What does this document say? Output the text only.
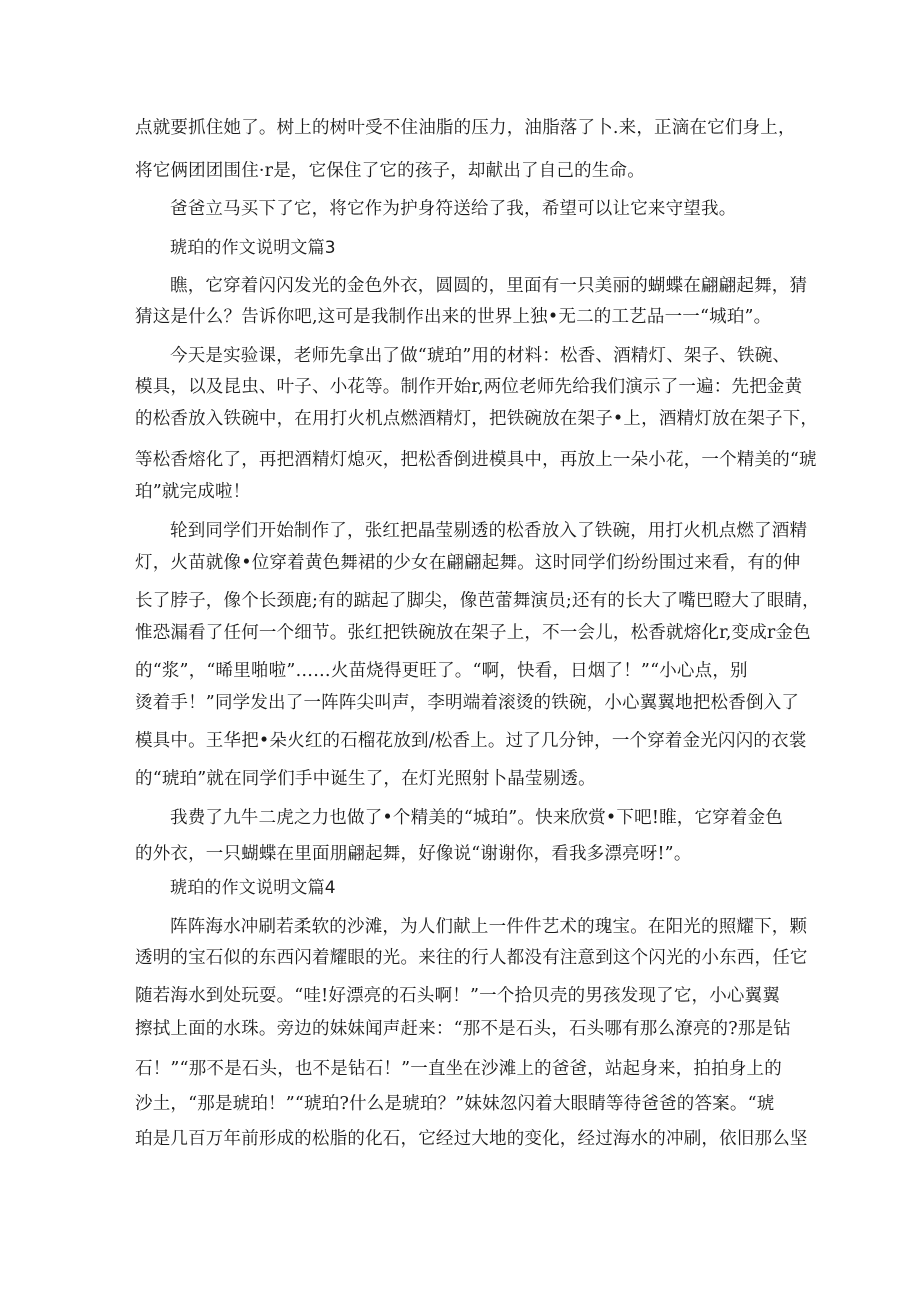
点就要抓住她了。树上的树叶受不住油脂的压力，油脂落了卜.来，正滴在它们身上，
将它俩团团围住·r是，它保住了它的孩子，却献出了自己的生命。
爸爸立马买下了它，将它作为护身符送给了我，希望可以让它来守望我。
琥珀的作文说明文篇3
瞧，它穿着闪闪发光的金色外衣，圆圆的，里面有一只美丽的蝴蝶在翩翩起舞，猜
猜这是什么？告诉你吧,这可是我制作出来的世界上独•无二的工艺品一一“城珀”。
今天是实验课，老师先拿出了做“琥珀”用的材料：松香、酒精灯、架子、铁碗、
模具，以及昆虫、叶子、小花等。制作开始r,两位老师先给我们演示了一遍：先把金黄
的松香放入铁碗中，在用打火机点燃酒精灯，把铁碗放在架子•上，酒精灯放在架子下，
等松香熔化了，再把酒精灯熄灭，把松香倒进模具中，再放上一朵小花，一个精美的“琥
珀”就完成啦！
轮到同学们开始制作了，张红把晶莹剔透的松香放入了铁碗，用打火机点燃了酒精
灯，火苗就像•位穿着黄色舞裙的少女在翩翩起舞。这时同学们纷纷围过来看，有的伸
长了脖子，像个长颈鹿;有的踮起了脚尖，像芭蕾舞演员;还有的长大了嘴巴瞪大了眼睛，
惟恐漏看了任何一个细节。张红把铁碗放在架子上，不一会儿，松香就熔化r,变成r金色
的“浆”，“晞里啪啦”……火苗烧得更旺了。“啊，快看，日烟了！”“小心点，别
烫着手！”同学发出了一阵阵尖叫声，李明端着滚烫的铁碗，小心翼翼地把松香倒入了
模具中。王华把•朵火红的石榴花放到/松香上。过了几分钟，一个穿着金光闪闪的衣裳
的“琥珀”就在同学们手中诞生了，在灯光照射卜晶莹剔透。
我费了九牛二虎之力也做了•个精美的“城珀”。快来欣赏•下吧!睢，它穿着金色
的外衣，一只蝴蝶在里面朋翩起舞，好像说“谢谢你，看我多漂亮呀!”。
琥珀的作文说明文篇4
阵阵海水冲刷若柔软的沙滩，为人们献上一件件艺术的瑰宝。在阳光的照耀下，颗
透明的宝石似的东西闪着耀眼的光。来往的行人都没有注意到这个闪光的小东西，任它
随若海水到处玩耍。“哇!好漂亮的石头啊！”一个拾贝壳的男孩发现了它，小心翼翼
擦拭上面的水珠。旁边的妹妹闻声赶来：“那不是石头，石头哪有那么潦亮的?那是钻
石！”“那不是石头，也不是钻石！”一直坐在沙滩上的爸爸，站起身来，拍拍身上的
沙土，“那是琥珀！”“琥珀?什么是琥珀？”妹妹忽闪着大眼睛等待爸爸的答案。“琥
珀是几百万年前形成的松脂的化石，它经过大地的变化，经过海水的冲刷，依旧那么坚
